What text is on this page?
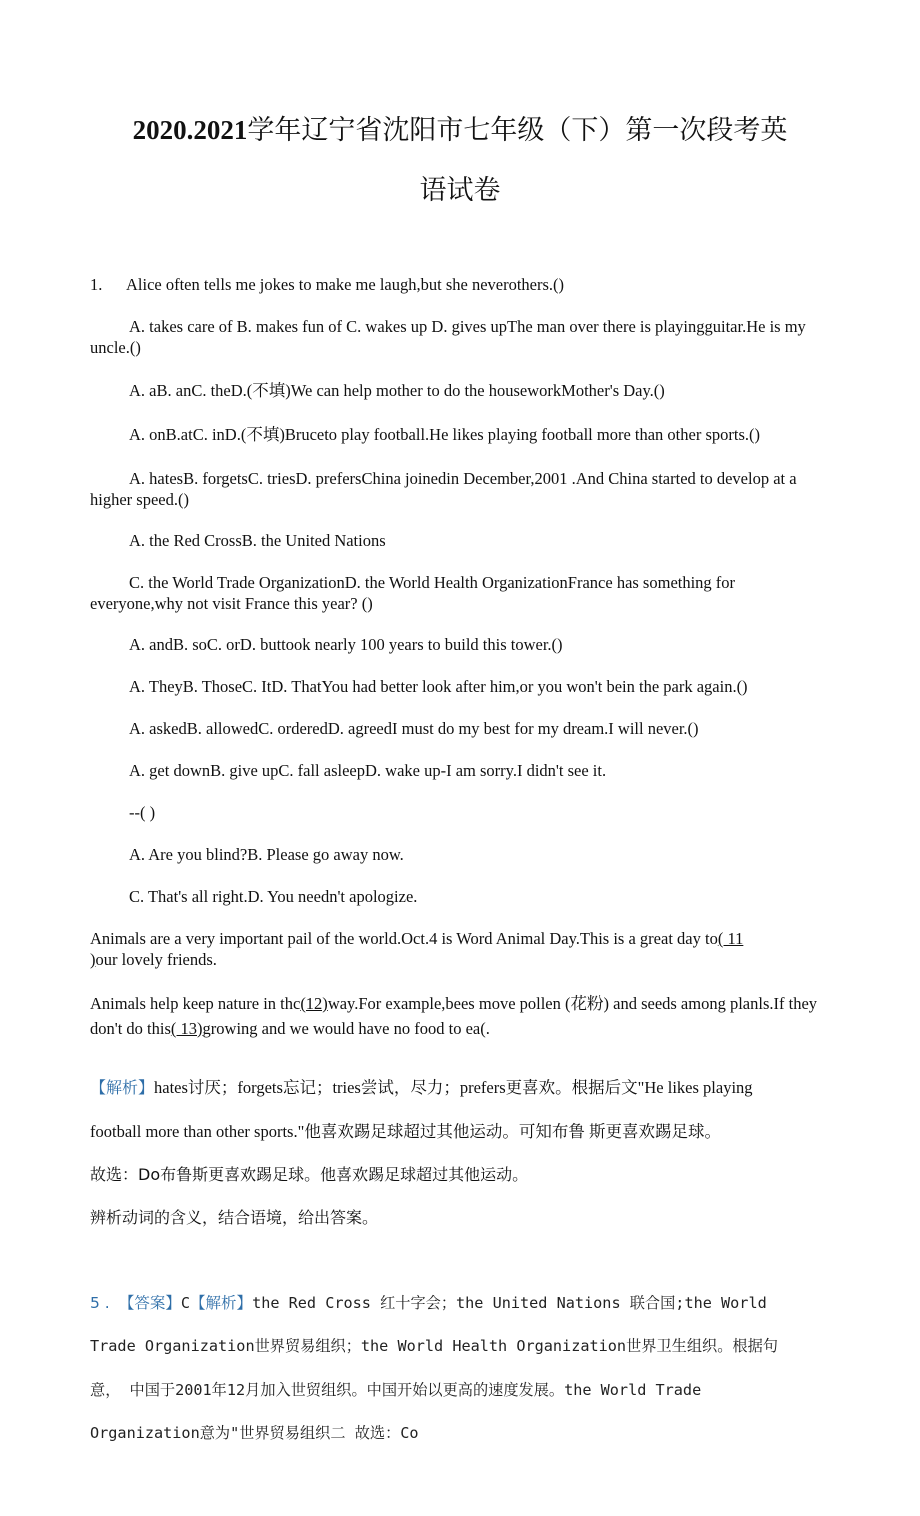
2020.2021学年辽宁省沈阳市七年级（下）第一次段考英
语试卷
1. Alice often tells me jokes to make me laugh,but she neverothers.()
A. takes care of B. makes fun of C. wakes up D. gives upThe man over there is playingguitar.He is my uncle.()
A. aB. anC. theD.(不填)We can help mother to do the houseworkMother's Day.()
A. onB.atC. inD.(不填)Bruceto play football.He likes playing football more than other sports.()
A. hatesB. forgetsC. triesD. prefersChina joinedin December,2001 .And China started to develop at a higher speed.()
A. the Red CrossB. the United Nations
C. the World Trade OrganizationD. the World Health OrganizationFrance has something for everyone,why not visit France this year? ()
A. andB. soC. orD. buttook nearly 100 years to build this tower.()
A. TheyB. ThoseC. ItD. ThatYou had better look after him,or you won't bein the park again.()
A. askedB. allowedC. orderedD. agreedI must do my best for my dream.I will never.()
A. get downB. give upC. fall asleepD. wake up-I am sorry.I didn't see it.
--( )
A. Are you blind?B. Please go away now.
C. That's all right.D. You needn't apologize.
Animals are a very important pail of the world.Oct.4 is Word Animal Day.This is a great day to( 11
)our lovely friends.
Animals help keep nature in thc(12)way.For example,bees move pollen (花粉) and seeds among planls.If they don't do this( 13)growing and we would have no food to ea(.
【解析】hates讨厌；forgets忘记；tries尝试，尽力；prefers更喜欢。根据后文"He likes playing
football more than other sports."他喜欢踢足球超过其他运动。可知布鲁 斯更喜欢踢足球。
故选：Do布鲁斯更喜欢踢足球。他喜欢踢足球超过其他运动。
辨析动词的含义，结合语境，给出答案。
5 . 【答案】C【解析】the Red Cross 红十字会；the United Nations 联合国;the World
Trade Organization世界贸易组织；the World Health Organization世界卫生组织。根据句
意， 中国于2001年12月加入世贸组织。中国开始以更高的速度发展。the World Trade
Organization意为"世界贸易组织二 故选：Co
